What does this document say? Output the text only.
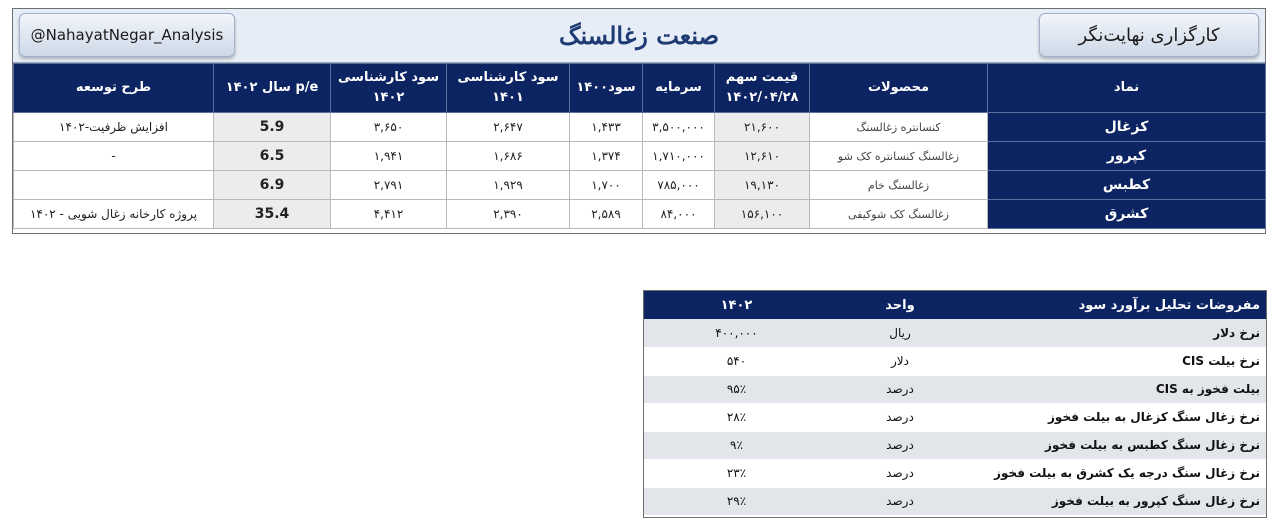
@NahayatNegar_Analysis	صنعت زغالسنگ	کارگزاری نهایت‌نگر
طرح توسعه	p/e سال ۱۴۰۲	سود کارشناسی ۱۴۰۲	سود کارشناسی ۱۴۰۱	سود۱۴۰۰	سرمایه	قیمت سهم ۱۴۰۲/۰۴/۲۸	محصولات	نماد
افزایش ظرفیت-۱۴۰۲	5.9	۳,۶۵۰	۲,۶۴۷	۱,۴۳۳	۳,۵۰۰,۰۰۰	۲۱,۶۰۰	کنسانتره زغالسنگ	کزغال
-	6.5	۱,۹۴۱	۱,۶۸۶	۱,۳۷۴	۱,۷۱۰,۰۰۰	۱۲,۶۱۰	زغالسنگ کنسانتره کک شو	کپرور
	6.9	۲,۷۹۱	۱,۹۲۹	۱,۷۰۰	۷۸۵,۰۰۰	۱۹,۱۳۰	زغالسنگ خام	کطبس
پروژه کارخانه زغال شویی - ۱۴۰۲	35.4	۴,۴۱۲	۲,۳۹۰	۲,۵۸۹	۸۴,۰۰۰	۱۵۶,۱۰۰	زغالسنگ کک شوکیفی	کشرق
۱۴۰۲	واحد	مفروضات تحلیل برآورد سود
۴۰۰,۰۰۰	ریال	نرخ دلار
۵۴۰	دلار	نرخ بیلت CIS
۹۵٪	درصد	بیلت فخوز به CIS
۲۸٪	درصد	نرخ زغال سنگ کزغال به بیلت فخوز
۹٪	درصد	نرخ زغال سنگ کطبس به بیلت فخوز
۲۳٪	درصد	نرخ زغال سنگ درجه یک کشرق به بیلت فخوز
۲۹٪	درصد	نرخ زغال سنگ کپرور به بیلت فخوز
